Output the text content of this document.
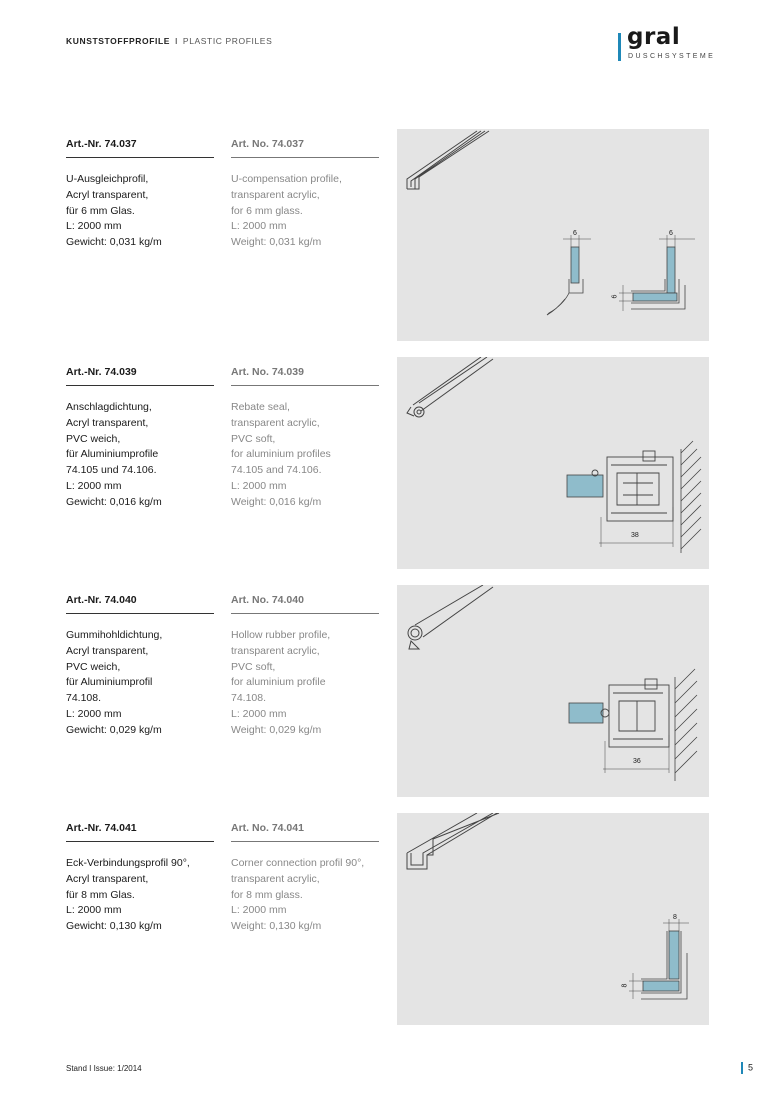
KUNSTSTOFFPROFILE I PLASTIC PROFILES	gral
DUSCHSYSTEME
Art.-Nr. 74.037
U-Ausgleichprofil,
Acryl transparent,
für 6 mm Glas.
L: 2000 mm
Gewicht: 0,031 kg/m
Art. No. 74.037
U-compensation profile,
transparent acrylic,
for 6 mm glass.
L: 2000 mm
Weight: 0,031 kg/m
6	6
6
Art.-Nr. 74.039
Anschlagdichtung,
Acryl transparent,
PVC weich,
für Aluminiumprofile
74.105 und 74.106.
L: 2000 mm
Gewicht: 0,016 kg/m
Art. No. 74.039
Rebate seal,
transparent acrylic,
PVC soft,
for aluminium profiles
74.105 and 74.106.
L: 2000 mm
Weight: 0,016 kg/m
38
Art.-Nr. 74.040
Gummihohldichtung,
Acryl transparent,
PVC weich,
für Aluminiumprofil
74.108.
L: 2000 mm
Gewicht: 0,029 kg/m
Art. No. 74.040
Hollow rubber profile,
transparent acrylic,
PVC soft,
for aluminium profile
74.108.
L: 2000 mm
Weight: 0,029 kg/m
36
Art.-Nr. 74.041
Eck-Verbindungsprofil 90°,
Acryl transparent,
für 8 mm Glas.
L: 2000 mm
Gewicht: 0,130 kg/m
Art. No. 74.041
Corner connection profil 90°,
transparent acrylic,
for 8 mm glass.
L: 2000 mm
Weight: 0,130 kg/m
8
8
Stand I Issue: 1/2014	5
